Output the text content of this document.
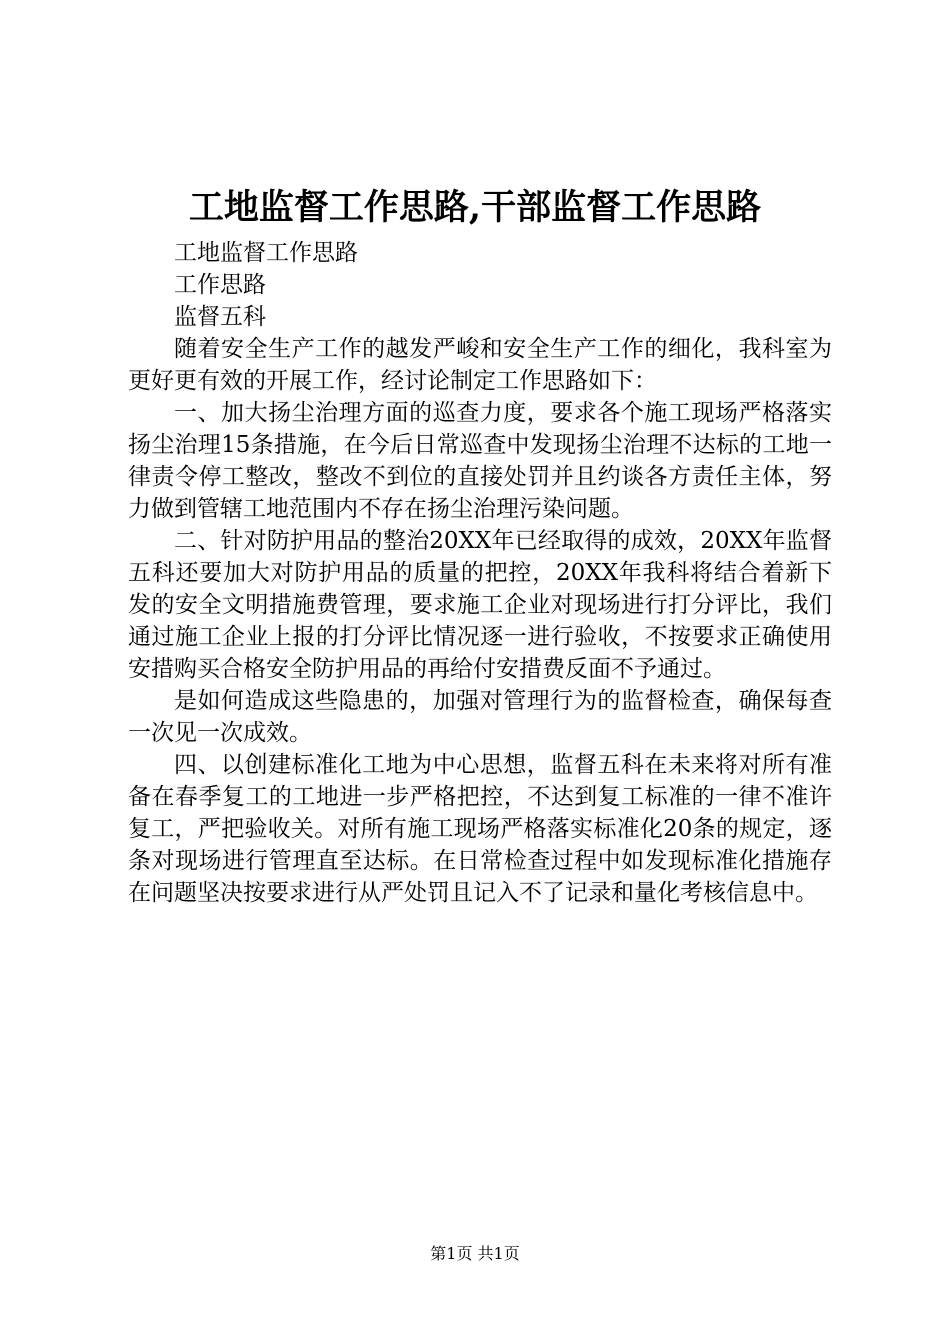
工地监督工作思路,干部监督工作思路

工地监督工作思路

工作思路

监督五科

随着安全生产工作的越发严峻和安全生产工作的细化，我科室为更好更有效的开展工作，经讨论制定工作思路如下：

一、加大扬尘治理方面的巡查力度，要求各个施工现场严格落实扬尘治理15条措施，在今后日常巡查中发现扬尘治理不达标的工地一律责令停工整改，整改不到位的直接处罚并且约谈各方责任主体，努力做到管辖工地范围内不存在扬尘治理污染问题。

二、针对防护用品的整治20XX年已经取得的成效，20XX年监督五科还要加大对防护用品的质量的把控，20XX年我科将结合着新下发的安全文明措施费管理，要求施工企业对现场进行打分评比，我们通过施工企业上报的打分评比情况逐一进行验收，不按要求正确使用安措购买合格安全防护用品的再给付安措费反面不予通过。

是如何造成这些隐患的，加强对管理行为的监督检查，确保每查一次见一次成效。

四、以创建标准化工地为中心思想，监督五科在未来将对所有准备在春季复工的工地进一步严格把控，不达到复工标准的一律不准许复工，严把验收关。对所有施工现场严格落实标准化20条的规定，逐条对现场进行管理直至达标。在日常检查过程中如发现标准化措施存在问题坚决按要求进行从严处罚且记入不了记录和量化考核信息中。

第1页 共1页
